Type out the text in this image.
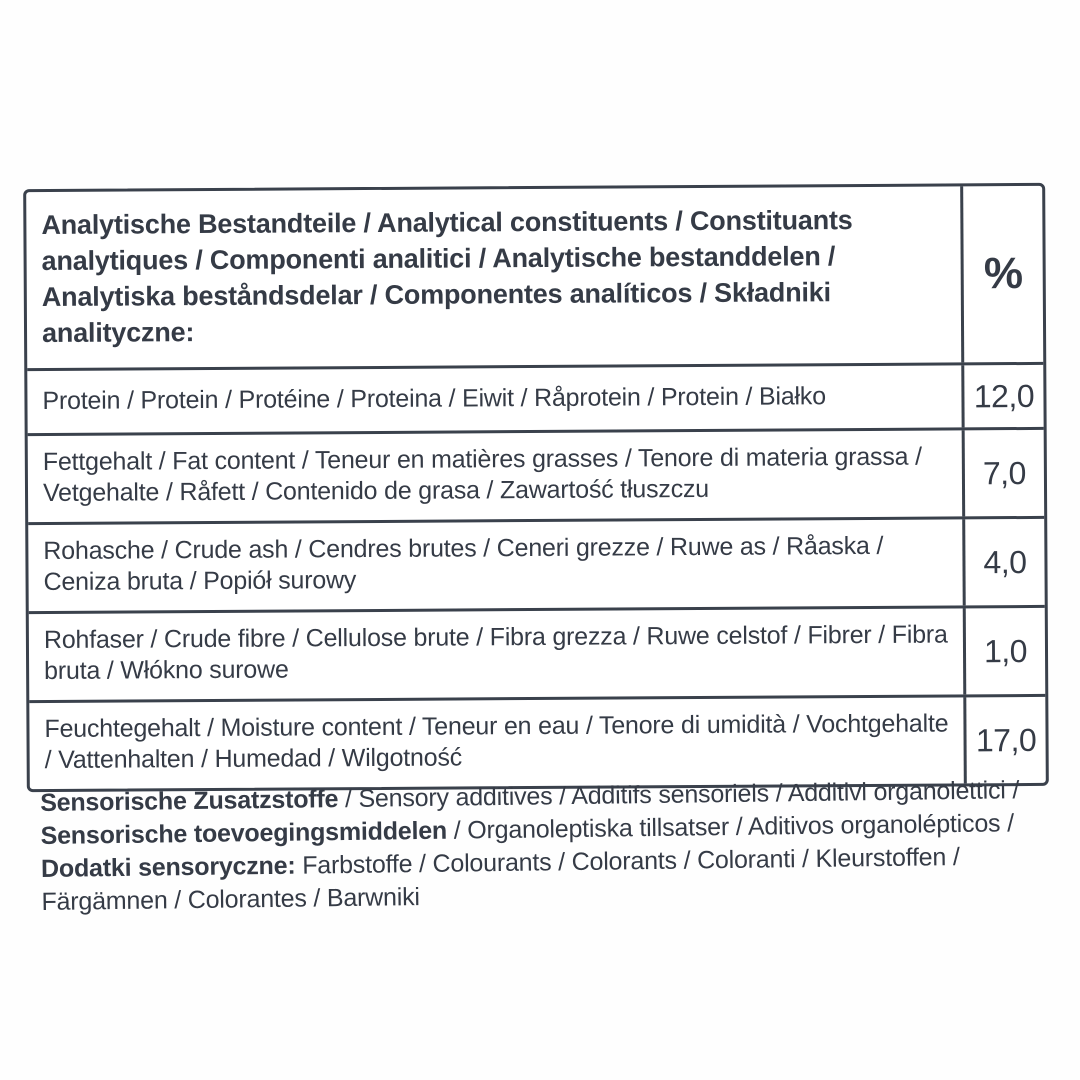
Analytische Bestandteile / Analytical constituents / Constituants analytiques / Componenti analitici / Analytische bestanddelen / Analytiska beståndsdelar / Componentes analíticos / Składniki analityczne:
%
Protein / Protein / Protéine / Proteina / Eiwit / Råprotein / Protein / Białko	12,0
Fettgehalt / Fat content / Teneur en matières grasses / Tenore di materia grassa / Vetgehalte / Råfett / Contenido de grasa / Zawartość tłuszczu
7,0
Rohasche / Crude ash / Cendres brutes / Ceneri grezze / Ruwe as / Råaska / Ceniza bruta / Popiół surowy
4,0
Rohfaser / Crude fibre / Cellulose brute / Fibra grezza / Ruwe celstof / Fibrer / Fibra bruta / Włókno surowe
1,0
Feuchtegehalt / Moisture content / Teneur en eau / Tenore di umidità / Vochtgehalte / Vattenhalten / Humedad / Wilgotność
17,0

Sensorische Zusatzstoffe / Sensory additives / Additifs sensoriels / Additivi organolettici / Sensorische toevoegingsmiddelen / Organoleptiska tillsatser / Aditivos organolépticos / Dodatki sensoryczne: Farbstoffe / Colourants / Colorants / Coloranti / Kleurstoffen / Färgämnen / Colorantes / Barwniki
